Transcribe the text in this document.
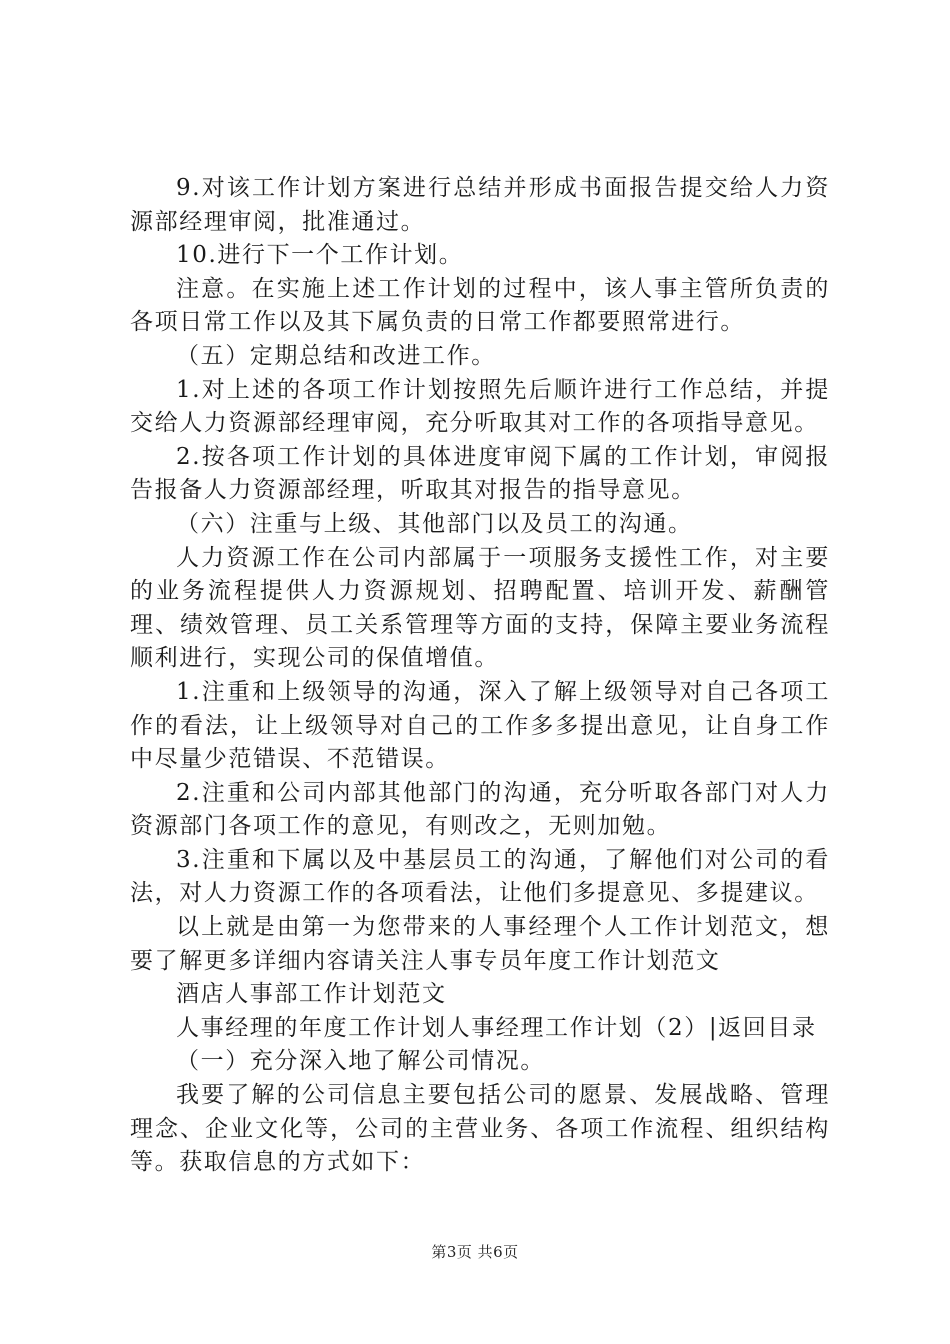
9.对该工作计划方案进行总结并形成书面报告提交给人力资源部经理审阅，批准通过。

10.进行下一个工作计划。

注意。在实施上述工作计划的过程中，该人事主管所负责的各项日常工作以及其下属负责的日常工作都要照常进行。

（五）定期总结和改进工作。

1.对上述的各项工作计划按照先后顺许进行工作总结，并提交给人力资源部经理审阅，充分听取其对工作的各项指导意见。

2.按各项工作计划的具体进度审阅下属的工作计划，审阅报告报备人力资源部经理，听取其对报告的指导意见。

（六）注重与上级、其他部门以及员工的沟通。

人力资源工作在公司内部属于一项服务支援性工作，对主要的业务流程提供人力资源规划、招聘配置、培训开发、薪酬管理、绩效管理、员工关系管理等方面的支持，保障主要业务流程顺利进行，实现公司的保值增值。

1.注重和上级领导的沟通，深入了解上级领导对自己各项工作的看法，让上级领导对自己的工作多多提出意见，让自身工作中尽量少范错误、不范错误。

2.注重和公司内部其他部门的沟通，充分听取各部门对人力资源部门各项工作的意见，有则改之，无则加勉。

3.注重和下属以及中基层员工的沟通，了解他们对公司的看法，对人力资源工作的各项看法，让他们多提意见、多提建议。

以上就是由第一为您带来的人事经理个人工作计划范文，想要了解更多详细内容请关注人事专员年度工作计划范文

酒店人事部工作计划范文

人事经理的年度工作计划人事经理工作计划（2）|返回目录

（一）充分深入地了解公司情况。

我要了解的公司信息主要包括公司的愿景、发展战略、管理理念、企业文化等，公司的主营业务、各项工作流程、组织结构等。获取信息的方式如下：

第3页 共6页
